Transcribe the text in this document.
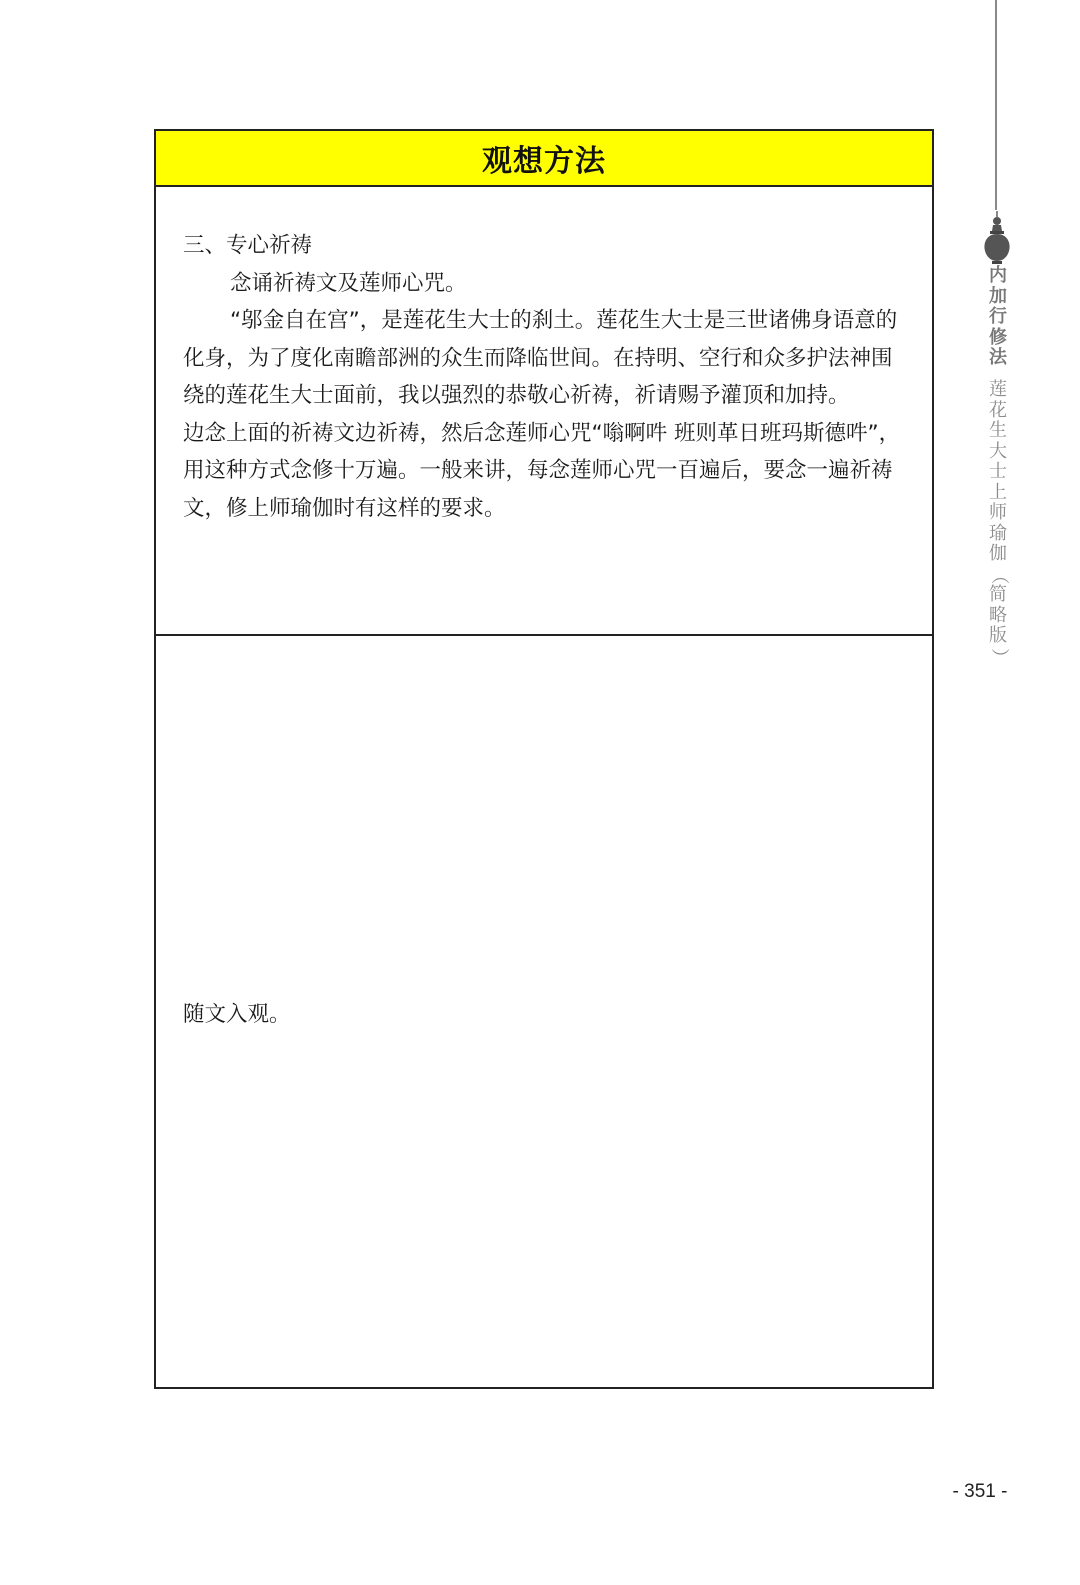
观想方法

三、专心祈祷

念诵祈祷文及莲师心咒。

“邬金自在宫”，是莲花生大士的刹土。莲花生大士是三世诸佛身语意的化身，为了度化南瞻部洲的众生而降临世间。在持明、空行和众多护法神围绕的莲花生大士面前，我以强烈的恭敬心祈祷，祈请赐予灌顶和加持。

边念上面的祈祷文边祈祷，然后念莲师心咒“嗡啊吽 班则革日班玛斯德吽”，用这种方式念修十万遍。一般来讲，每念莲师心咒一百遍后，要念一遍祈祷文，修上师瑜伽时有这样的要求。

随文入观。
内
加
行
修
法
莲
花
生
大
士
上
师
瑜
伽
（
简
略
版
）
- 351 -
